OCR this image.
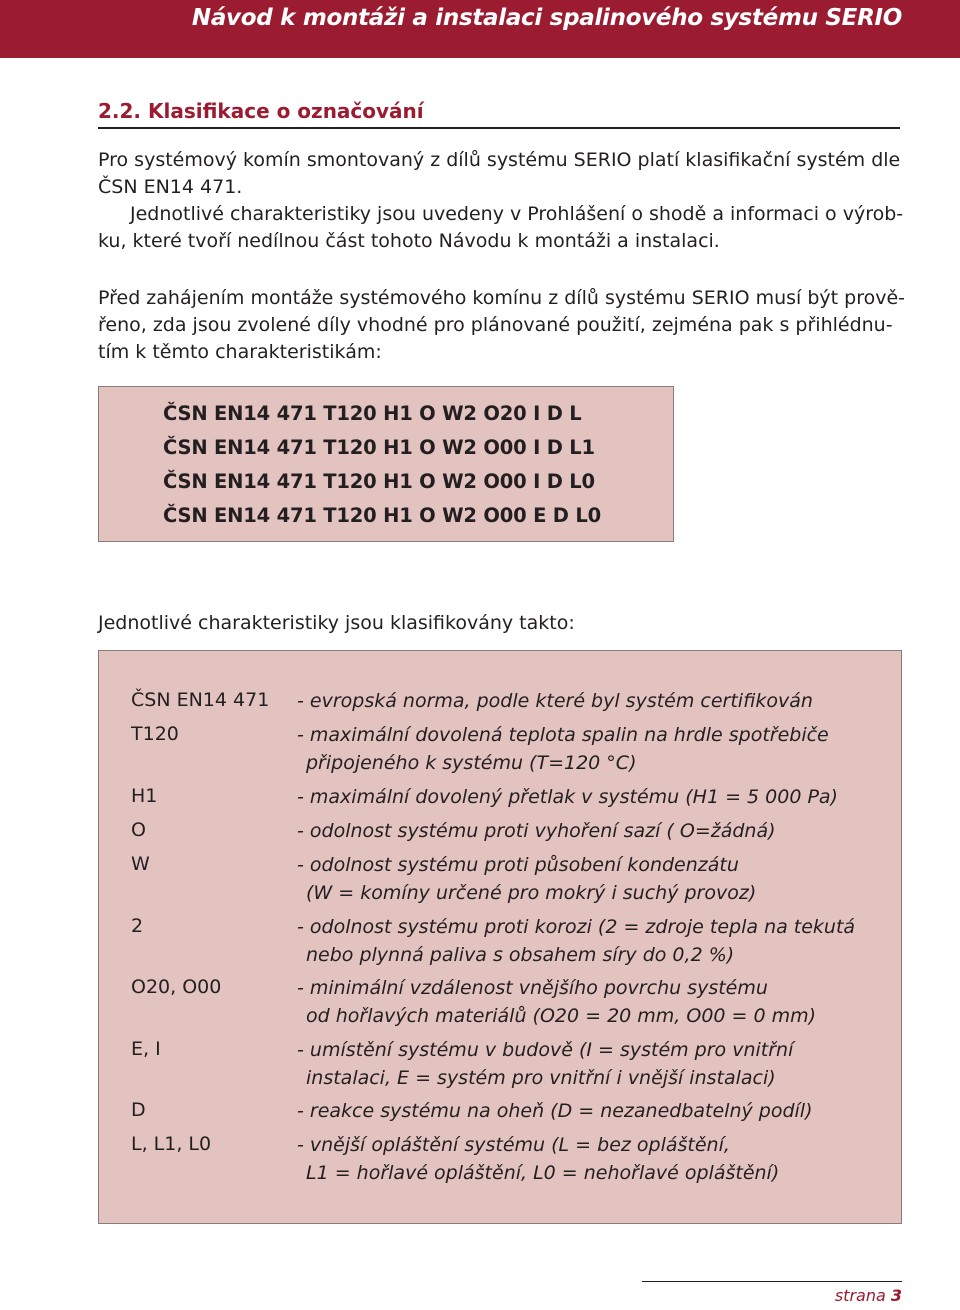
Návod k montáži a instalaci spalinového systému SERIO
2.2. Klasifikace o označování
Pro systémový komín smontovaný z dílů systému SERIO platí klasifikační systém dle
ČSN EN14 471.
Jednotlivé charakteristiky jsou uvedeny v Prohlášení o shodě a informaci o výrob-
ku, které tvoří nedílnou část tohoto Návodu k montáži a instalaci.
Před zahájením montáže systémového komínu z dílů systému SERIO musí být prově-
řeno, zda jsou zvolené díly vhodné pro plánované použití, zejména pak s přihlédnu-
tím k těmto charakteristikám:
ČSN EN14 471 T120 H1 O W2 O20 I D L
ČSN EN14 471 T120 H1 O W2 O00 I D L1
ČSN EN14 471 T120 H1 O W2 O00 I D L0
ČSN EN14 471 T120 H1 O W2 O00 E D L0
Jednotlivé charakteristiky jsou klasifikovány takto:
ČSN EN14 471 - evropská norma, podle které byl systém certifikován
T120	- maximální dovolená teplota spalin na hrdle spotřebiče
připojeného k systému (T=120 °C)
H1	- maximální dovolený přetlak v systému (H1 = 5 000 Pa)
O	- odolnost systému proti vyhoření sazí ( O=žádná)
W	- odolnost systému proti působení kondenzátu
(W = komíny určené pro mokrý i suchý provoz)
2	- odolnost systému proti korozi (2 = zdroje tepla na tekutá
nebo plynná paliva s obsahem síry do 0,2 %)
O20, O00	- minimální vzdálenost vnějšího povrchu systému
od hořlavých materiálů (O20 = 20 mm, O00 = 0 mm)
E, I	- umístění systému v budově (I = systém pro vnitřní
instalaci, E = systém pro vnitřní i vnější instalaci)
D	- reakce systému na oheň (D = nezanedbatelný podíl)
L, L1, L0	- vnější opláštění systému (L = bez opláštění,
L1 = hořlavé opláštění, L0 = nehořlavé opláštění)
strana 3
